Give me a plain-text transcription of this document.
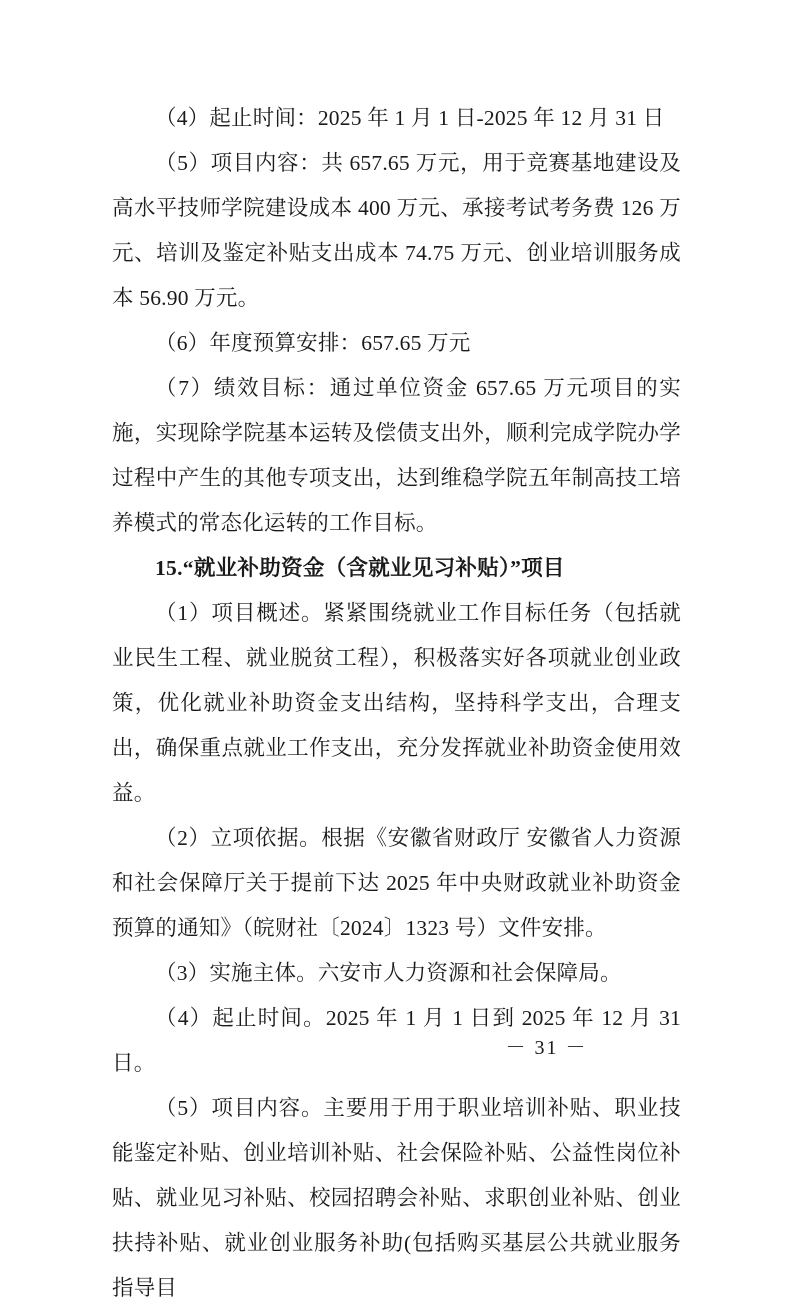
（4）起止时间：2025 年 1 月 1 日-2025 年 12 月 31 日

（5）项目内容：共 657.65 万元，用于竞赛基地建设及高水平技师学院建设成本 400 万元、承接考试考务费 126 万元、培训及鉴定补贴支出成本 74.75 万元、创业培训服务成本 56.90 万元。

（6）年度预算安排：657.65 万元

（7）绩效目标：通过单位资金 657.65 万元项目的实施，实现除学院基本运转及偿债支出外，顺利完成学院办学过程中产生的其他专项支出，达到维稳学院五年制高技工培养模式的常态化运转的工作目标。

15.“就业补助资金（含就业见习补贴）”项目

（1）项目概述。紧紧围绕就业工作目标任务（包括就业民生工程、就业脱贫工程），积极落实好各项就业创业政策，优化就业补助资金支出结构，坚持科学支出，合理支出，确保重点就业工作支出，充分发挥就业补助资金使用效益。

（2）立项依据。根据《安徽省财政厅 安徽省人力资源和社会保障厅关于提前下达 2025 年中央财政就业补助资金预算的通知》（皖财社〔2024〕1323 号）文件安排。

（3）实施主体。六安市人力资源和社会保障局。

（4）起止时间。2025 年 1 月 1 日到 2025 年 12 月 31 日。

（5）项目内容。主要用于用于职业培训补贴、职业技能鉴定补贴、创业培训补贴、社会保险补贴、公益性岗位补贴、就业见习补贴、校园招聘会补贴、求职创业补贴、创业扶持补贴、就业创业服务补助(包括购买基层公共就业服务指导目

－ 31 －
